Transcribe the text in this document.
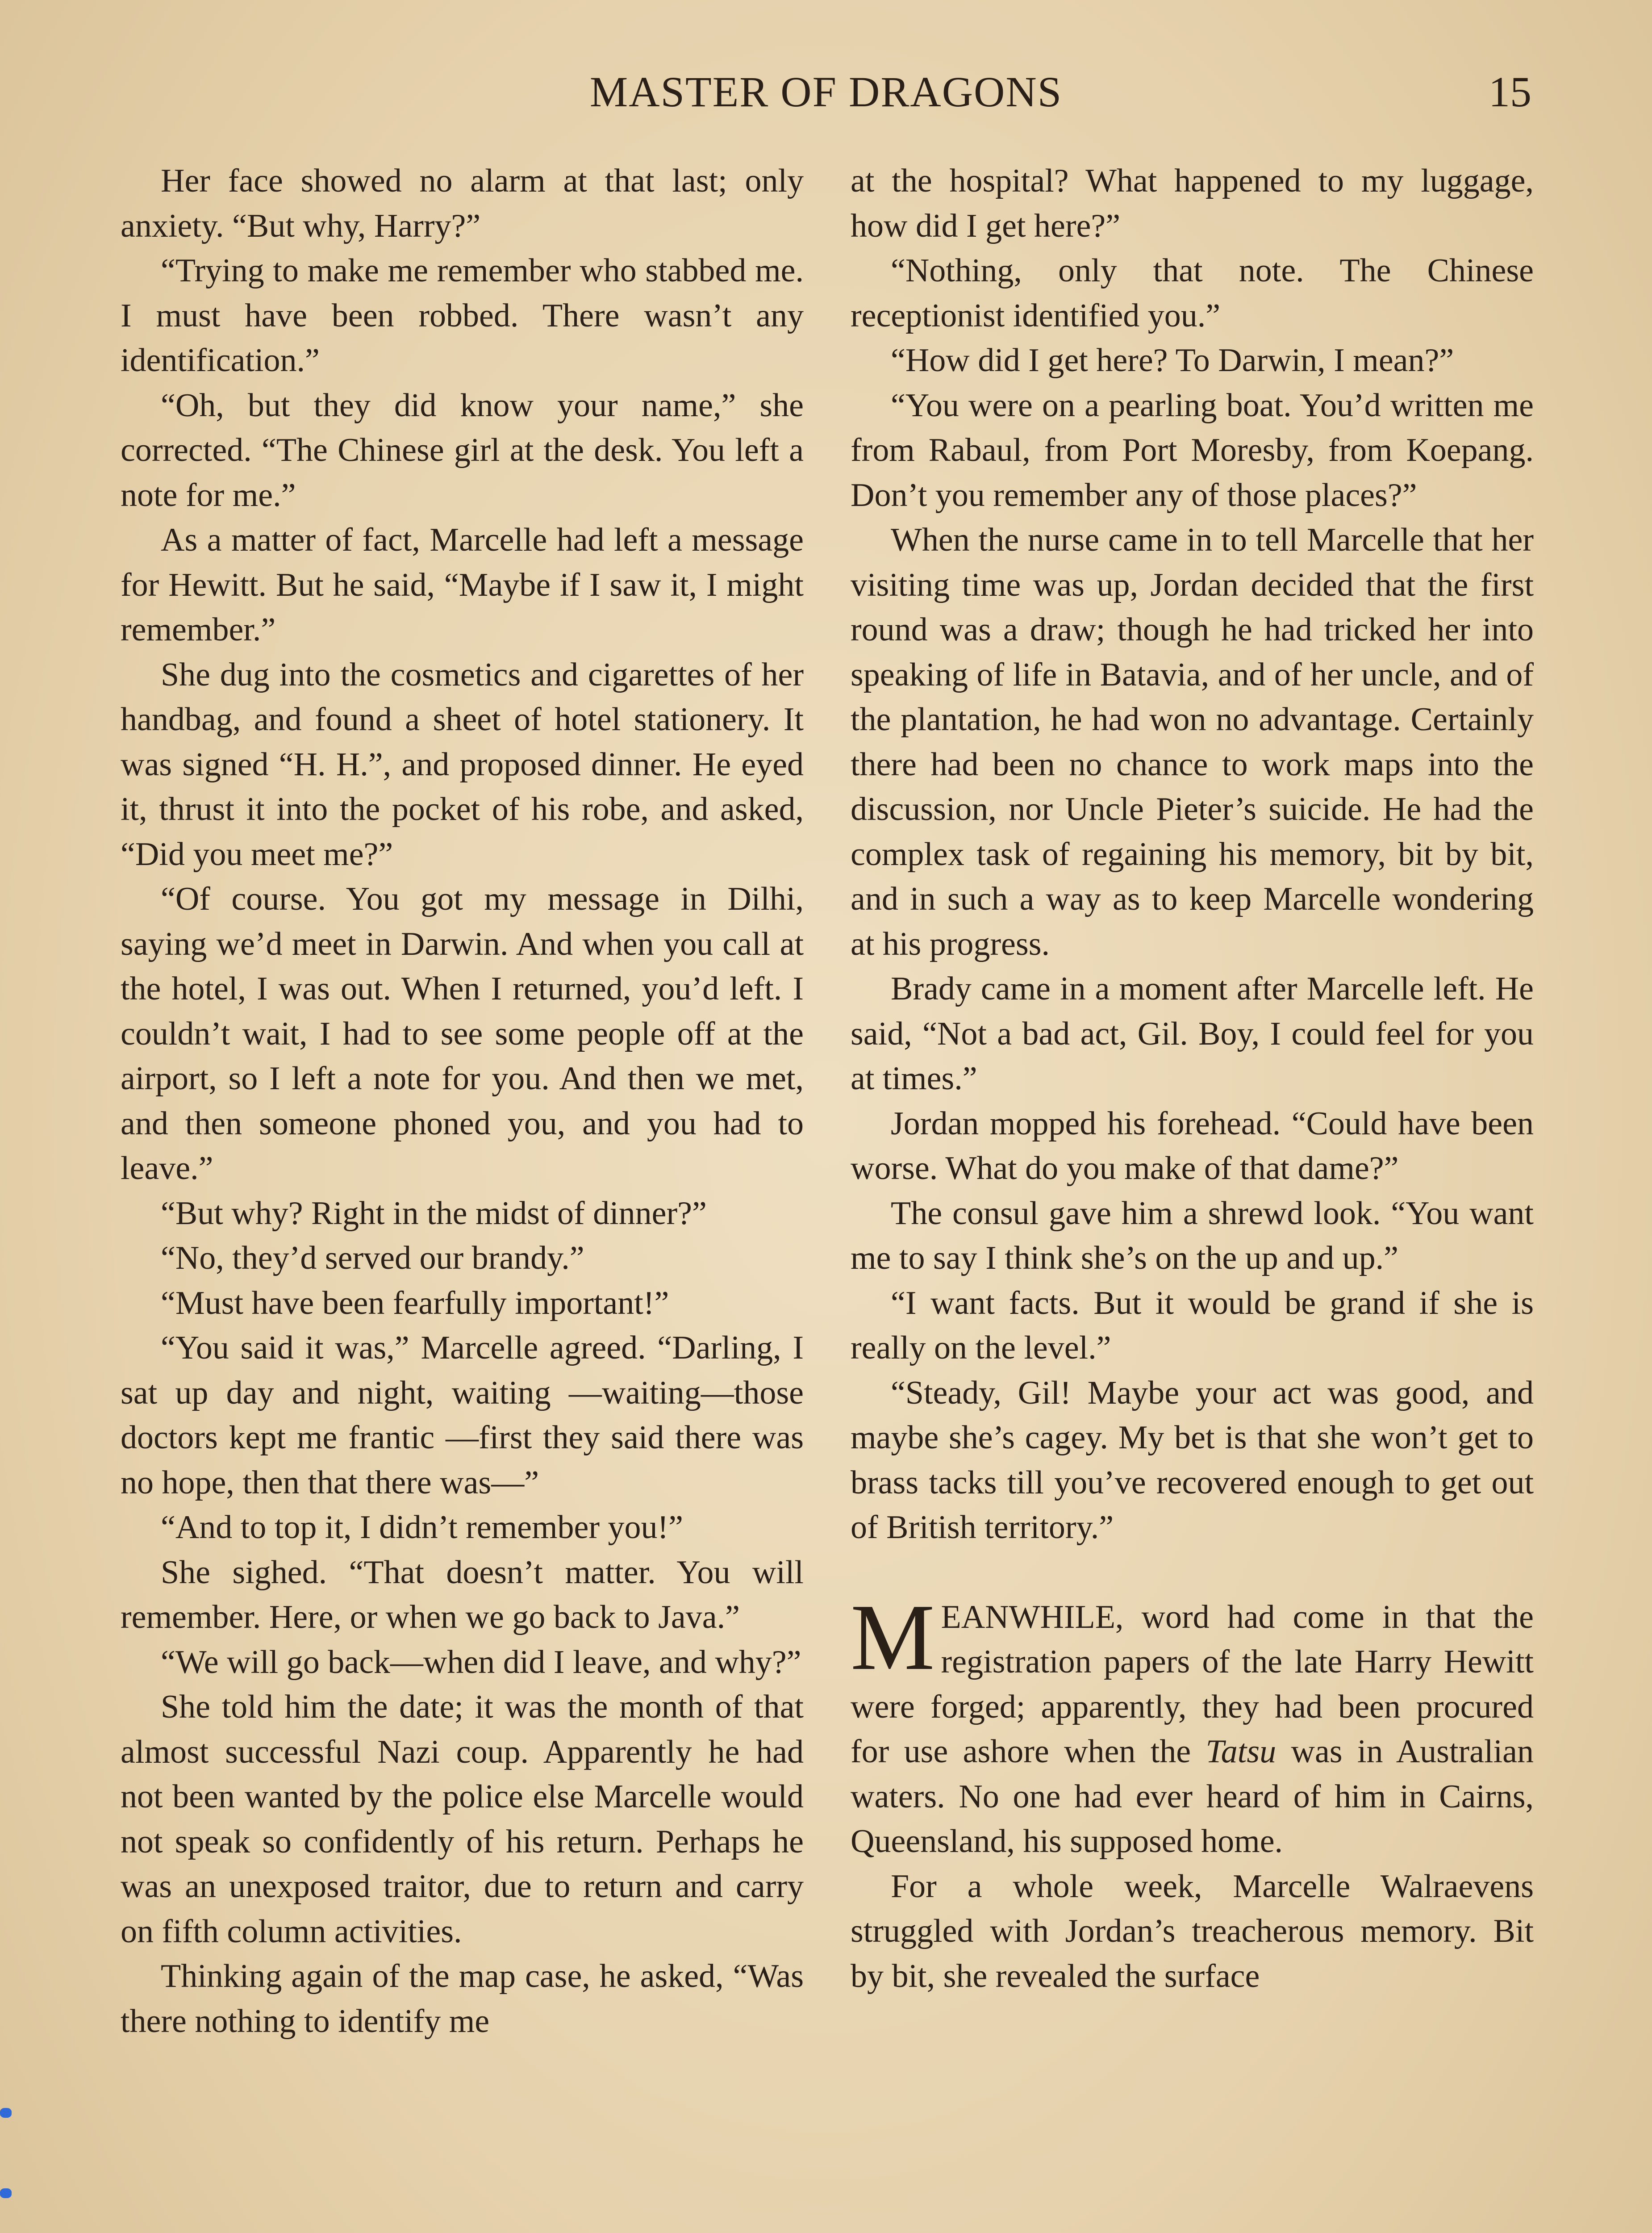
MASTER OF DRAGONS	15

Her face showed no alarm at that last; only anxiety. “But why, Harry?”

“Trying to make me remember who stabbed me. I must have been robbed. There wasn’t any identification.”

“Oh, but they did know your name,” she corrected. “The Chinese girl at the desk. You left a note for me.”

As a matter of fact, Marcelle had left a message for Hewitt. But he said, “Maybe if I saw it, I might remember.”

She dug into the cosmetics and cigarettes of her handbag, and found a sheet of hotel stationery. It was signed “H. H.”, and proposed dinner. He eyed it, thrust it into the pocket of his robe, and asked, “Did you meet me?”

“Of course. You got my message in Dilhi, saying we’d meet in Darwin. And when you call at the hotel, I was out. When I returned, you’d left. I couldn’t wait, I had to see some people off at the airport, so I left a note for you. And then we met, and then someone phoned you, and you had to leave.”

“But why? Right in the midst of dinner?”

“No, they’d served our brandy.”

“Must have been fearfully important!”

“You said it was,” Marcelle agreed. “Darling, I sat up day and night, waiting —waiting—those doctors kept me frantic —first they said there was no hope, then that there was—”

“And to top it, I didn’t remember you!”

She sighed. “That doesn’t matter. You will remember. Here, or when we go back to Java.”

“We will go back—when did I leave, and why?”

She told him the date; it was the month of that almost successful Nazi coup. Apparently he had not been wanted by the police else Marcelle would not speak so confidently of his return. Perhaps he was an unexposed traitor, due to return and carry on fifth column activities.

Thinking again of the map case, he asked, “Was there nothing to identify me

at the hospital? What happened to my luggage, how did I get here?”

“Nothing, only that note. The Chinese receptionist identified you.”

“How did I get here? To Darwin, I mean?”

“You were on a pearling boat. You’d written me from Rabaul, from Port Moresby, from Koepang. Don’t you remember any of those places?”

When the nurse came in to tell Marcelle that her visiting time was up, Jordan decided that the first round was a draw; though he had tricked her into speaking of life in Batavia, and of her uncle, and of the plantation, he had won no advantage. Certainly there had been no chance to work maps into the discussion, nor Uncle Pieter’s suicide. He had the complex task of regaining his memory, bit by bit, and in such a way as to keep Marcelle wondering at his progress.

Brady came in a moment after Marcelle left. He said, “Not a bad act, Gil. Boy, I could feel for you at times.”

Jordan mopped his forehead. “Could have been worse. What do you make of that dame?”

The consul gave him a shrewd look. “You want me to say I think she’s on the up and up.”

“I want facts. But it would be grand if she is really on the level.”

“Steady, Gil! Maybe your act was good, and maybe she’s cagey. My bet is that she won’t get to brass tacks till you’ve recovered enough to get out of British territory.”

MEANWHILE, word had come in that the registration papers of the late Harry Hewitt were forged; apparently, they had been procured for use ashore when the Tatsu was in Australian waters. No one had ever heard of him in Cairns, Queensland, his supposed home.

For a whole week, Marcelle Walraevens struggled with Jordan’s treacherous memory. Bit by bit, she revealed the surface
